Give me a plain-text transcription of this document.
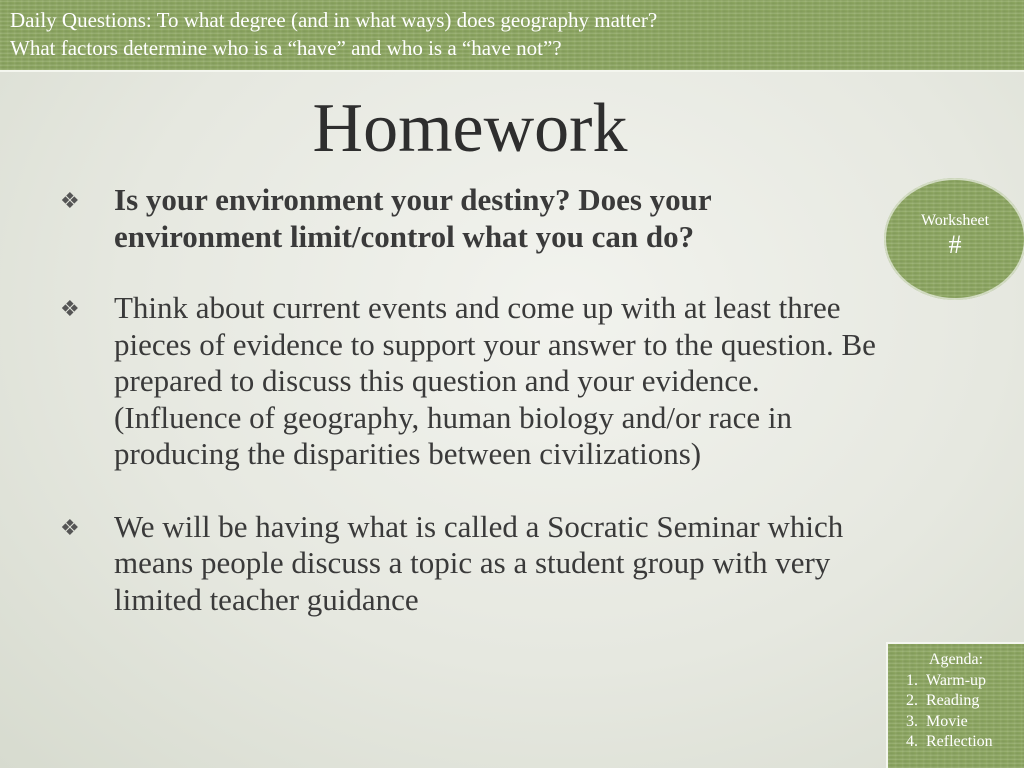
Daily Questions: To what degree (and in what ways) does geography matter?
What factors determine who is a “have” and who is a “have not”?
Homework
❖ Is your environment your destiny? Does your environment limit/control what you can do?
❖ Think about current events and come up with at least three pieces of evidence to support your answer to the question. Be prepared to discuss this question and your evidence. (Influence of geography, human biology and/or race in producing the disparities between civilizations)
❖ We will be having what is called a Socratic Seminar which means people discuss a topic as a student group with very limited teacher guidance
Worksheet
#
Agenda:
1. Warm-up
2. Reading
3. Movie
4. Reflection
